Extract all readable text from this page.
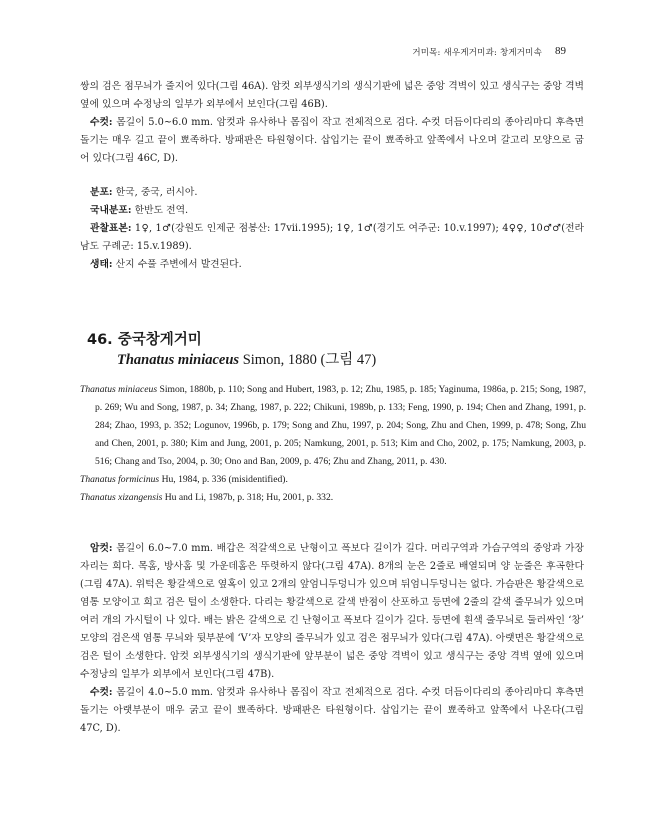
거미목: 새우게거미과: 창게거미속 89

쌍의 검은 점무늬가 줄지어 있다(그림 46A). 암컷 외부생식기의 생식기판에 넓은 중앙 격벽이 있고 생식구는 중앙 격벽 옆에 있으며 수정낭의 일부가 외부에서 보인다(그림 46B).

수컷: 몸길이 5.0~6.0 mm. 암컷과 유사하나 몸집이 작고 전체적으로 검다. 수컷 더듬이다리의 종아리마디 후측면돌기는 매우 길고 끝이 뾰족하다. 방패판은 타원형이다. 삽입기는 끝이 뾰족하고 앞쪽에서 나오며 갈고리 모양으로 굽어 있다(그림 46C, D).

분포: 한국, 중국, 러시아.

국내분포: 한반도 전역.

관찰표본: 1♀, 1♂(강원도 인제군 점봉산: 17vii.1995); 1♀, 1♂(경기도 여주군: 10.v.1997); 4♀♀, 10♂♂(전라남도 구례군: 15.v.1989).

생태: 산지 수풀 주변에서 발견된다.

46. 중국창게거미
Thanatus miniaceus Simon, 1880 (그림 47)

Thanatus miniaceus Simon, 1880b, p. 110; Song and Hubert, 1983, p. 12; Zhu, 1985, p. 185; Yaginuma, 1986a, p. 215; Song, 1987, p. 269; Wu and Song, 1987, p. 34; Zhang, 1987, p. 222; Chikuni, 1989b, p. 133; Feng, 1990, p. 194; Chen and Zhang, 1991, p. 284; Zhao, 1993, p. 352; Logunov, 1996b, p. 179; Song and Zhu, 1997, p. 204; Song, Zhu and Chen, 1999, p. 478; Song, Zhu and Chen, 2001, p. 380; Kim and Jung, 2001, p. 205; Namkung, 2001, p. 513; Kim and Cho, 2002, p. 175; Namkung, 2003, p. 516; Chang and Tso, 2004, p. 30; Ono and Ban, 2009, p. 476; Zhu and Zhang, 2011, p. 430.

Thanatus formicinus Hu, 1984, p. 336 (misidentified).

Thanatus xizangensis Hu and Li, 1987b, p. 318; Hu, 2001, p. 332.

암컷: 몸길이 6.0~7.0 mm. 배갑은 적갈색으로 난형이고 폭보다 길이가 길다. 머리구역과 가슴구역의 중앙과 가장자리는 희다. 목홈, 방사홈 및 가운데홈은 뚜렷하지 않다(그림 47A). 8개의 눈은 2줄로 배열되며 양 눈줄은 후곡한다(그림 47A). 위턱은 황갈색으로 옆혹이 있고 2개의 앞엄니두덩니가 있으며 뒤엄니두덩니는 없다. 가슴판은 황갈색으로 염통 모양이고 희고 검은 털이 소생한다. 다리는 황갈색으로 갈색 반점이 산포하고 등면에 2줄의 갈색 줄무늬가 있으며 여러 개의 가시털이 나 있다. 배는 밝은 갈색으로 긴 난형이고 폭보다 길이가 길다. 등면에 흰색 줄무늬로 둘러싸인 ‘창’ 모양의 검은색 염통 무늬와 뒷부분에 ‘V’자 모양의 줄무늬가 있고 검은 점무늬가 있다(그림 47A). 아랫면은 황갈색으로 검은 털이 소생한다. 암컷 외부생식기의 생식기판에 앞부분이 넓은 중앙 격벽이 있고 생식구는 중앙 격벽 옆에 있으며 수정낭의 일부가 외부에서 보인다(그림 47B).

수컷: 몸길이 4.0~5.0 mm. 암컷과 유사하나 몸집이 작고 전체적으로 검다. 수컷 더듬이다리의 종아리마디 후측면돌기는 아랫부분이 매우 굵고 끝이 뾰족하다. 방패판은 타원형이다. 삽입기는 끝이 뾰족하고 앞쪽에서 나온다(그림 47C, D).
